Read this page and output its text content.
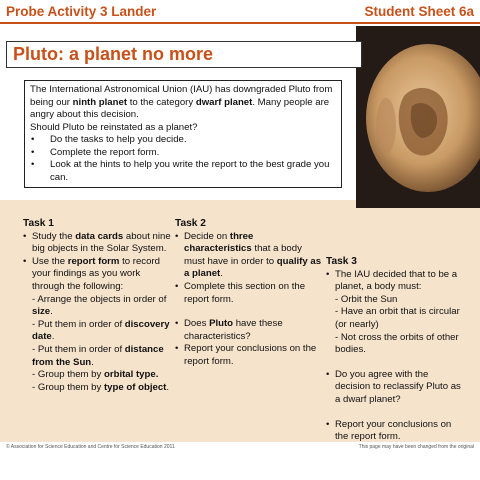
Probe Activity 3 Lander	Student Sheet 6a
Pluto: a planet no more

The International Astronomical Union (IAU) has downgraded Pluto from being our ninth planet to the category dwarf planet. Many people are angry about this decision.

Should Pluto be reinstated as a planet?

• Do the tasks to help you decide.
• Complete the report form.
• Look at the hints to help you write the report to the best grade you can.
Task 1
• Study the data cards about nine big objects in the Solar System.
• Use the report form to record your findings as you work through the following:
- Arrange the objects in order of size.
- Put them in order of discovery date.
- Put them in order of distance from the Sun.
- Group them by orbital type.
- Group them by type of object.
Task 2
• Decide on three characteristics that a body must have in order to qualify as a planet.
• Complete this section on the report form.
• Does Pluto have these characteristics?
• Report your conclusions on the report form.
Task 3
• The IAU decided that to be a planet, a body must:
- Orbit the Sun
- Have an orbit that is circular (or nearly)
- Not cross the orbits of other bodies.
• Do you agree with the decision to reclassify Pluto as a dwarf planet?
• Report your conclusions on the report form.
© Association for Science Education and Centre for Science Education 2011	This page may have been changed from the original
